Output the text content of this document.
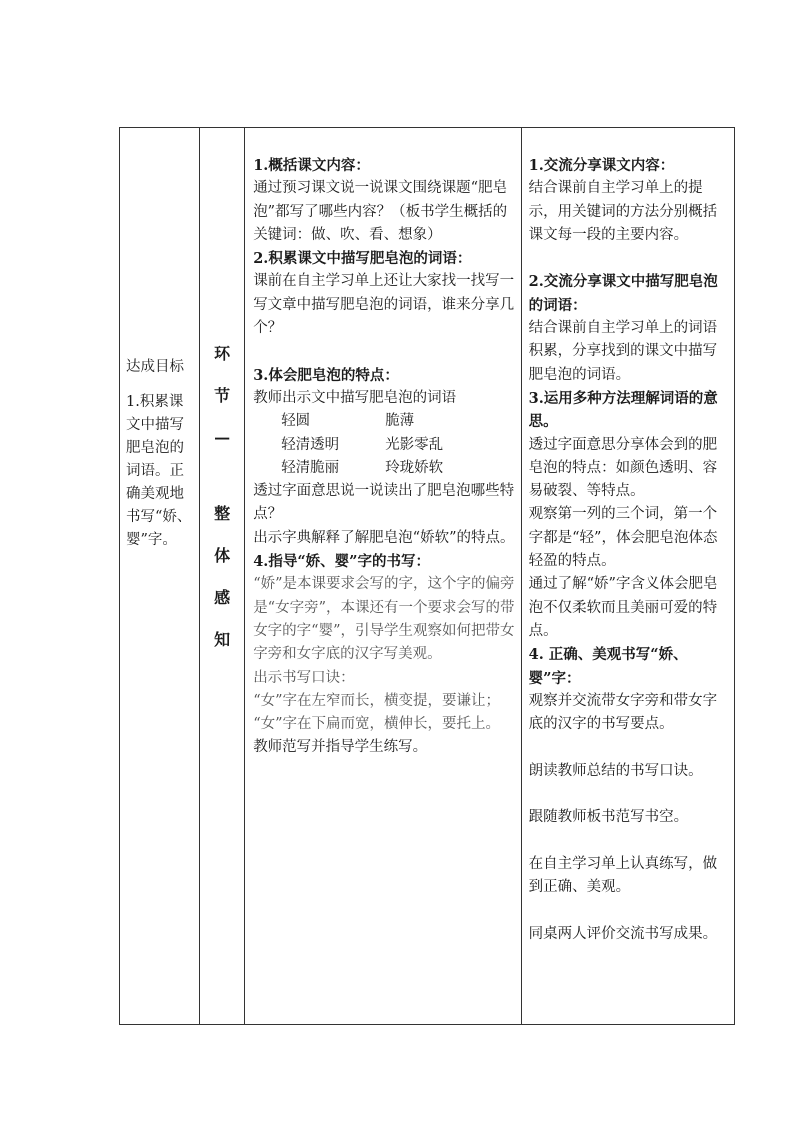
达成目标
1.积累课文中描写肥皂泡的词语。正确美观地书写“娇、婴”字。

环
节
—
整
体
感
知

1.概括课文内容：
通过预习课文说一说课文围绕课题“肥皂泡”都写了哪些内容？（板书学生概括的关键词：做、吹、看、想象）
2.积累课文中描写肥皂泡的词语：
课前在自主学习单上还让大家找一找写一写文章中描写肥皂泡的词语，谁来分享几个？
3.体会肥皂泡的特点：
教师出示文中描写肥皂泡的词语
轻圆	脆薄
轻清透明	光影零乱
轻清脆丽	玲珑娇软
透过字面意思说一说读出了肥皂泡哪些特点？
出示字典解释了解肥皂泡“娇软”的特点。
4.指导“娇、婴”字的书写：
“娇”是本课要求会写的字，这个字的偏旁是“女字旁”，本课还有一个要求会写的带女字的字“婴”，引导学生观察如何把带女字旁和女字底的汉字写美观。
出示书写口诀：
“女”字在左窄而长，横变提，要谦让；
“女”字在下扁而宽，横伸长，要托上。
教师范写并指导学生练写。

1.交流分享课文内容：
结合课前自主学习单上的提示，用关键词的方法分别概括课文每一段的主要内容。
2.交流分享课文中描写肥皂泡的词语：
结合课前自主学习单上的词语积累，分享找到的课文中描写肥皂泡的词语。
3.运用多种方法理解词语的意思。
透过字面意思分享体会到的肥皂泡的特点：如颜色透明、容易破裂、等特点。
观察第一列的三个词，第一个字都是“轻”，体会肥皂泡体态轻盈的特点。
通过了解“娇”字含义体会肥皂泡不仅柔软而且美丽可爱的特点。
4. 正确、美观书写“娇、婴”字：
观察并交流带女字旁和带女字底的汉字的书写要点。
朗读教师总结的书写口诀。
跟随教师板书范写书空。
在自主学习单上认真练写，做到正确、美观。
同桌两人评价交流书写成果。
